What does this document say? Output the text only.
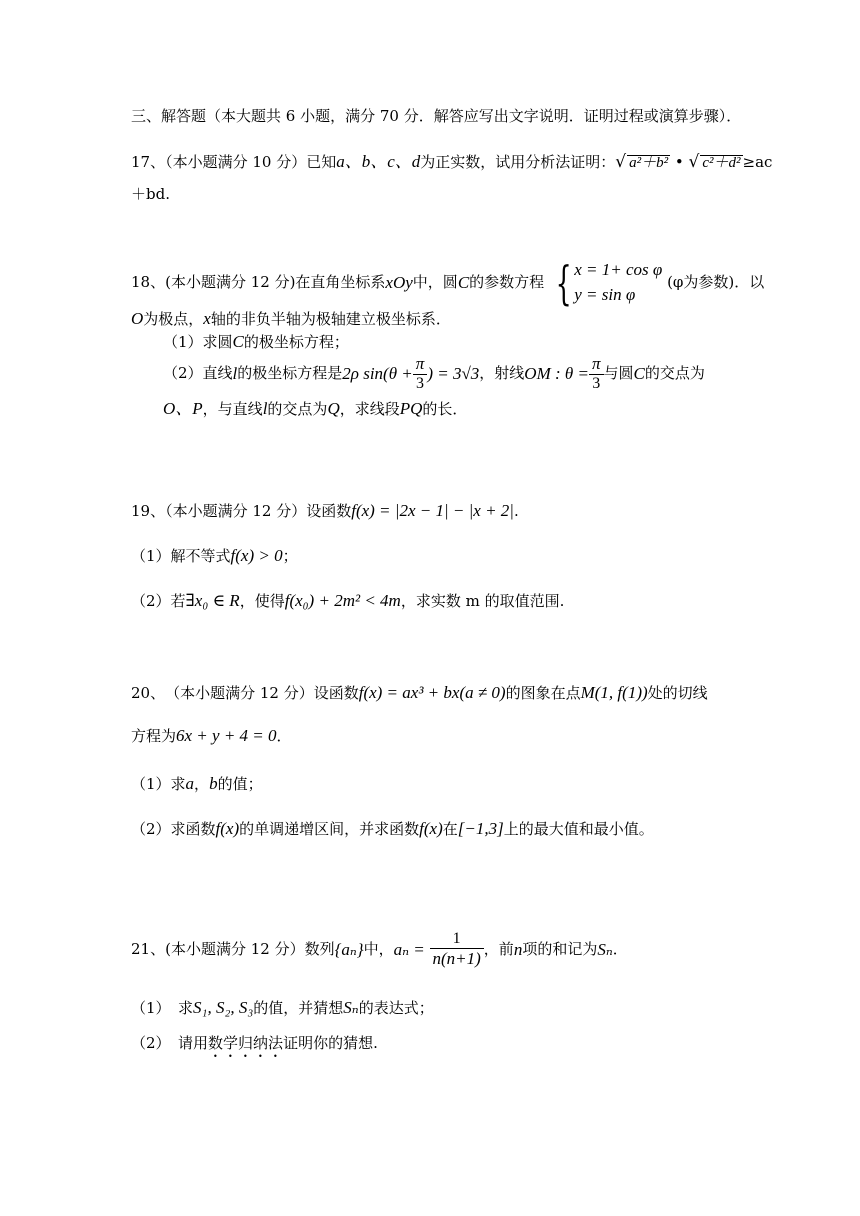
三、解答题（本大题共 6 小题，满分 70 分．解答应写出文字说明．证明过程或演算步骤）．
17、（本小题满分 10 分）已知a、b、c、d为正实数，试用分析法证明：√ a²＋b² • √ c²＋d² ≥ac
＋bd.
18、(本小题满分 12 分)在直角坐标系xOy中，圆C的参数方程 { x = 1+ cos φ
y = sin φ
(φ为参数)．以
O为极点，x轴的非负半轴为极轴建立极坐标系．
（1）求圆C的极坐标方程；
（2）直线l的极坐标方程是2ρ $\sin(\theta + \frac{\pi}{3}$ ) = 3√3，射线OM : $\theta = \frac{\pi}{3}$ 与圆C的交点为
O、P，与直线l的交点为Q，求线段PQ的长．
19、（本小题满分 12 分）设函数f(x) = |2x − 1| − |x + 2|.
（1）解不等式f(x) > 0；
（2）若∃x₀ ∈ R，使得f(x₀) + 2m² < 4m，求实数 m 的取值范围.
20、　（本小题满分 12 分）设函数f(x) = ax³ + bx(a ≠ 0)的图象在点M(1, f(1))处的切线
方程为6x + y + 4 = 0．
（1）求a，b的值；
（2）求函数f(x)的单调递增区间，并求函数f(x)在[−1,3]上的最大值和最小值。
21、(本小题满分 12 分）数列{aₙ}中，$a_n = \frac{1}{n(n+1)}$ ，前n项的和记为Sₙ．
（1）　求S₁, S₂, S₃的值，并猜想Sₙ的表达式；
（2）　请用数学归纳法证明你的猜想.
